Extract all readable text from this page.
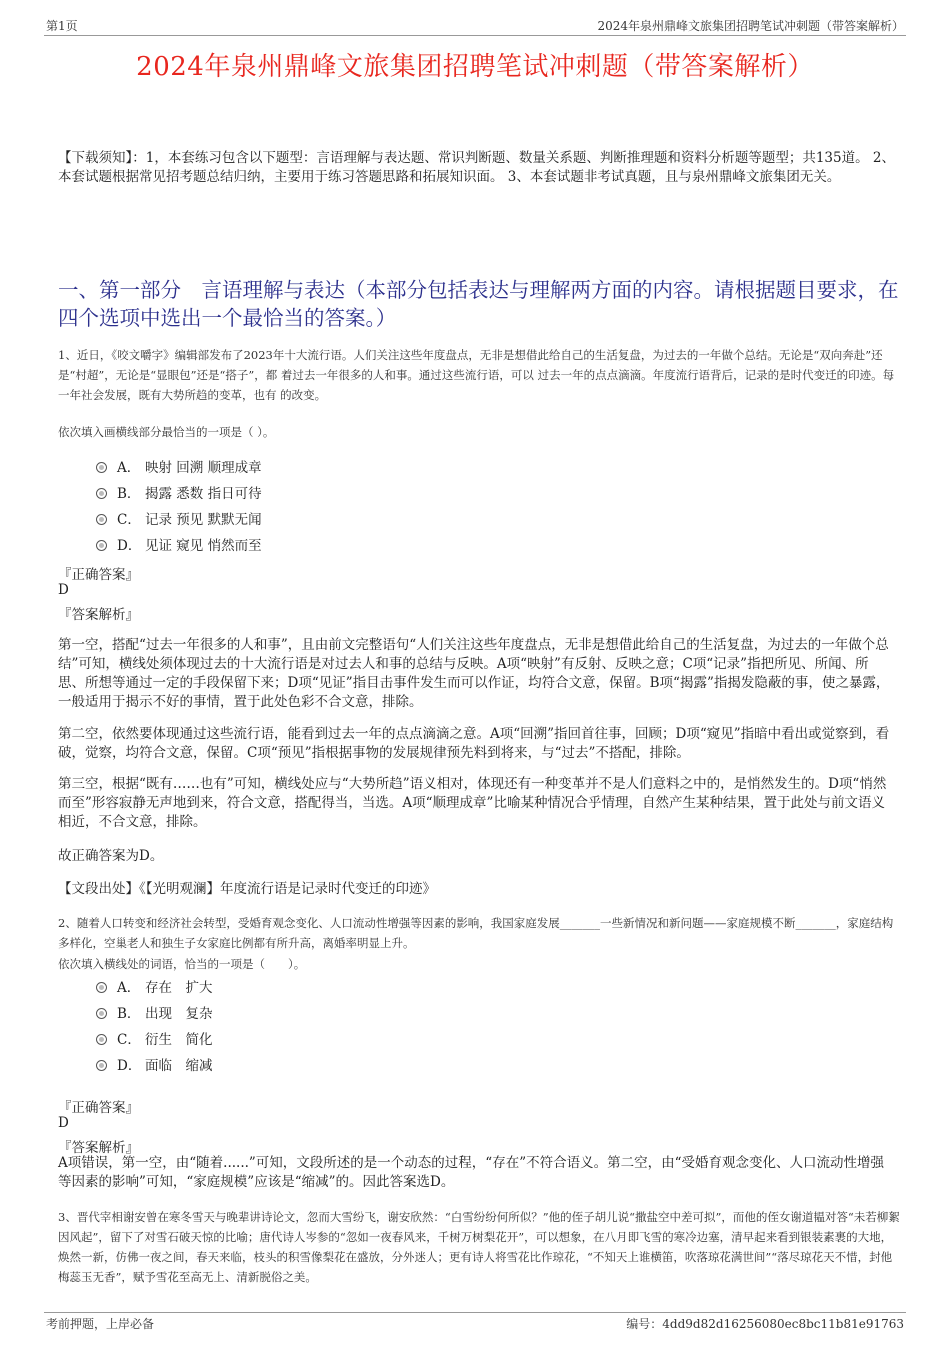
第1页	2024年泉州鼎峰文旅集团招聘笔试冲刺题（带答案解析）
2024年泉州鼎峰文旅集团招聘笔试冲刺题（带答案解析）
【下载须知】：1，本套练习包含以下题型：言语理解与表达题、常识判断题、数量关系题、判断推理题和资料分析题等题型；共135道。 2、本套试题根据常见招考题总结归纳，主要用于练习答题思路和拓展知识面。 3、本套试题非考试真题，且与泉州鼎峰文旅集团无关。
一、第一部分　言语理解与表达（本部分包括表达与理解两方面的内容。请根据题目要求，在四个选项中选出一个最恰当的答案。）
1、近日，《咬文嚼字》编辑部发布了2023年十大流行语。人们关注这些年度盘点，无非是想借此给自己的生活复盘，为过去的一年做个总结。无论是“双向奔赴”还是“村超”，无论是“显眼包”还是“搭子”，都 着过去一年很多的人和事。通过这些流行语，可以 过去一年的点点滴滴。年度流行语背后，记录的是时代变迁的印迹。每一年社会发展，既有大势所趋的变革，也有 的改变。
依次填入画横线部分最恰当的一项是（ ）。
A． 映射 回溯 顺理成章
B． 揭露 悉数 指日可待
C． 记录 预见 默默无闻
D． 见证 窥见 悄然而至
『正确答案』
D
『答案解析』
第一空，搭配“过去一年很多的人和事”，且由前文完整语句“人们关注这些年度盘点，无非是想借此给自己的生活复盘，为过去的一年做个总结”可知，横线处须体现过去的十大流行语是对过去人和事的总结与反映。A项“映射”有反射、反映之意；C项“记录”指把所见、所闻、所思、所想等通过一定的手段保留下来；D项“见证”指目击事件发生而可以作证，均符合文意，保留。B项“揭露”指揭发隐蔽的事，使之暴露，一般适用于揭示不好的事情，置于此处色彩不合文意，排除。
第二空，依然要体现通过这些流行语，能看到过去一年的点点滴滴之意。A项“回溯”指回首往事，回顾；D项“窥见”指暗中看出或觉察到，看破，觉察，均符合文意，保留。C项“预见”指根据事物的发展规律预先料到将来，与“过去”不搭配，排除。
第三空，根据“既有……也有”可知，横线处应与“大势所趋”语义相对，体现还有一种变革并不是人们意料之中的，是悄然发生的。D项“悄然而至”形容寂静无声地到来，符合文意，搭配得当，当选。A项“顺理成章”比喻某种情况合乎情理，自然产生某种结果，置于此处与前文语义相近，不合文意，排除。
故正确答案为D。
【文段出处】《【光明观澜】年度流行语是记录时代变迁的印迹》
2、随着人口转变和经济社会转型，受婚育观念变化、人口流动性增强等因素的影响，我国家庭发展_______一些新情况和新问题——家庭规模不断_______，家庭结构多样化，空巢老人和独生子女家庭比例都有所升高，离婚率明显上升。
依次填入横线处的词语，恰当的一项是（　　）。
A． 存在　扩大
B． 出现　复杂
C． 衍生　简化
D． 面临　缩减
『正确答案』
D
『答案解析』
A项错误，第一空，由“随着......”可知，文段所述的是一个动态的过程，“存在”不符合语义。第二空，由“受婚育观念变化、人口流动性增强等因素的影响”可知，“家庭规模”应该是“缩减”的。因此答案选D。
3、晋代宰相谢安曾在寒冬雪天与晚辈讲诗论文，忽而大雪纷飞，谢安欣然：“白雪纷纷何所似？”他的侄子胡儿说“撒盐空中差可拟”，而他的侄女谢道韫对答“未若柳絮因风起”，留下了对雪石破天惊的比喻；唐代诗人岑参的“忽如一夜春风来，千树万树梨花开”，可以想象，在八月即飞雪的寒冷边塞，清早起来看到银装素裹的大地，焕然一新，仿佛一夜之间，春天来临，枝头的积雪像梨花在盛放，分外迷人；更有诗人将雪花比作琼花，“不知天上谁横笛，吹落琼花满世间”“落尽琼花天不惜，封他梅蕊玉无香”，赋予雪花至高无上、清新脱俗之美。
考前押题，上岸必备	编号：4dd9d82d16256080ec8bc11b81e91763
